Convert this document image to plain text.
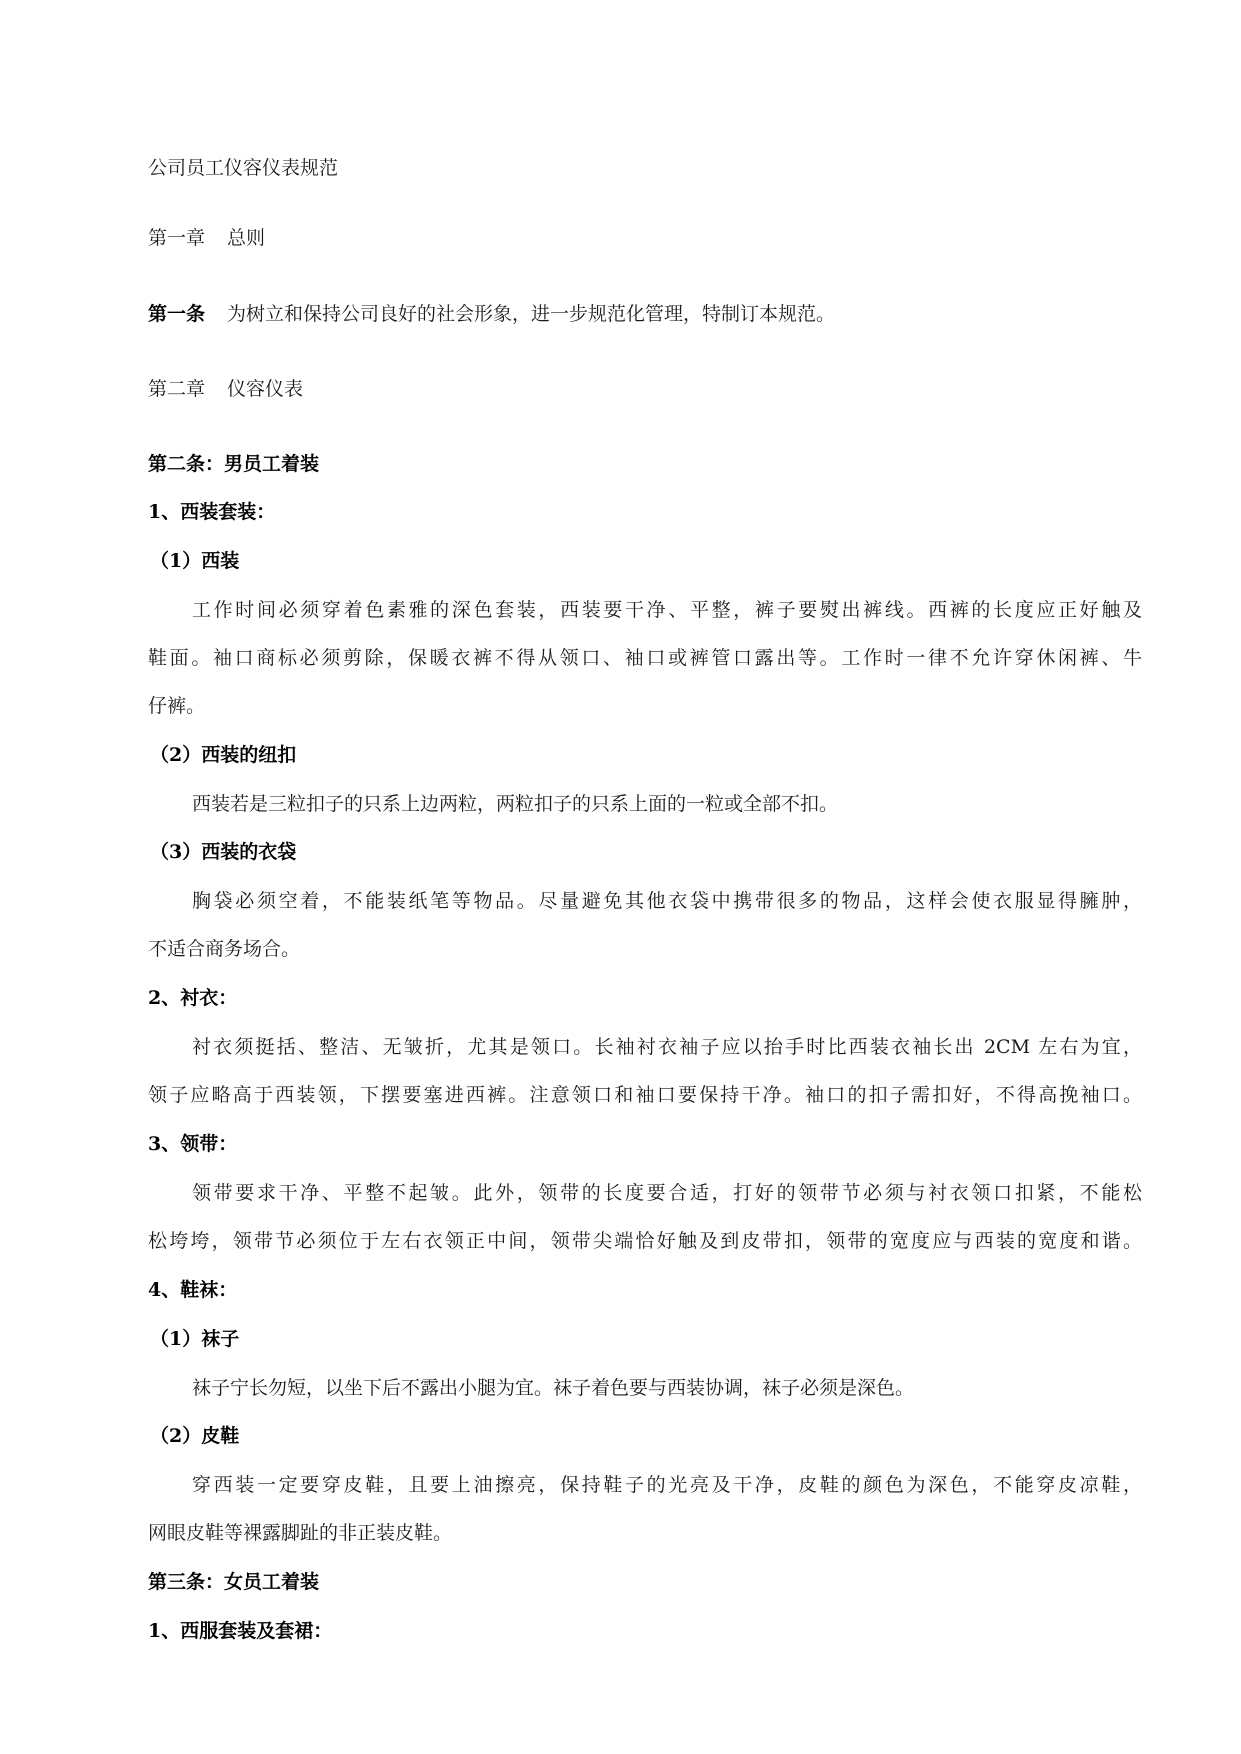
公司员工仪容仪表规范
第一章 总则
第一条 为树立和保持公司良好的社会形象，进一步规范化管理，特制订本规范。
第二章 仪容仪表
第二条：男员工着装
1、西装套装：
（1）西装
工作时间必须穿着色素雅的深色套装，西装要干净、平整，裤子要熨出裤线。西裤的长度应正好触及
鞋面。袖口商标必须剪除，保暖衣裤不得从领口、袖口或裤管口露出等。工作时一律不允许穿休闲裤、牛
仔裤。
（2）西装的纽扣
西装若是三粒扣子的只系上边两粒，两粒扣子的只系上面的一粒或全部不扣。
（3）西装的衣袋
胸袋必须空着，不能装纸笔等物品。尽量避免其他衣袋中携带很多的物品，这样会使衣服显得臃肿，
不适合商务场合。
2、衬衣：
衬衣须挺括、整洁、无皱折，尤其是领口。长袖衬衣袖子应以抬手时比西装衣袖长出 2CM 左右为宜，
领子应略高于西装领，下摆要塞进西裤。注意领口和袖口要保持干净。袖口的扣子需扣好，不得高挽袖口。
3、领带：
领带要求干净、平整不起皱。此外，领带的长度要合适，打好的领带节必须与衬衣领口扣紧，不能松
松垮垮，领带节必须位于左右衣领正中间，领带尖端恰好触及到皮带扣，领带的宽度应与西装的宽度和谐。
4、鞋袜：
（1）袜子
袜子宁长勿短，以坐下后不露出小腿为宜。袜子着色要与西装协调，袜子必须是深色。
（2）皮鞋
穿西装一定要穿皮鞋，且要上油擦亮，保持鞋子的光亮及干净，皮鞋的颜色为深色，不能穿皮凉鞋，
网眼皮鞋等裸露脚趾的非正装皮鞋。
第三条：女员工着装
1、西服套装及套裙：
